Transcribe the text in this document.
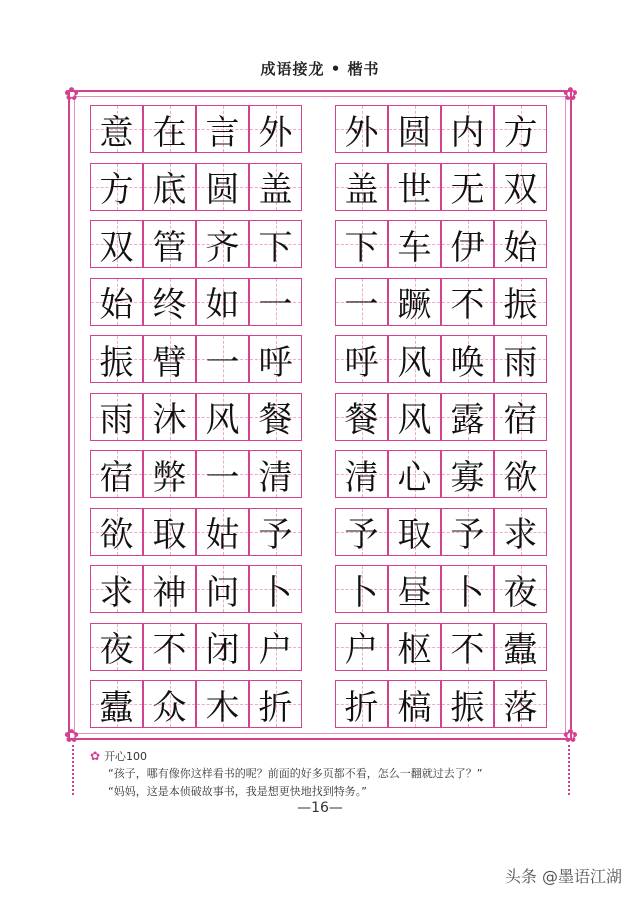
成语接龙 • 楷书
✿	✿
✿	✿
意 在 言 外 外 圆 内 方
方 底 圆 盖 盖 世 无 双
双 管 齐 下 下 车 伊 始
始 终 如 一 一 蹶 不 振
振 臂 一 呼 呼 风 唤 雨
雨 沐 风 餐 餐 风 露 宿
宿 弊 一 清 清 心 寡 欲
欲 取 姑 予 予 取 予 求
求 神 问 卜 卜 昼 卜 夜
夜 不 闭 户 户 枢 不 蠹
蠹 众 木 折 折 槁 振 落
✿ 开心100
“孩子，哪有像你这样看书的呢？前面的好多页都不看，怎么一翻就过去了？”
“妈妈，这是本侦破故事书，我是想更快地找到特务。”
—16—
头条 @墨语江湖
